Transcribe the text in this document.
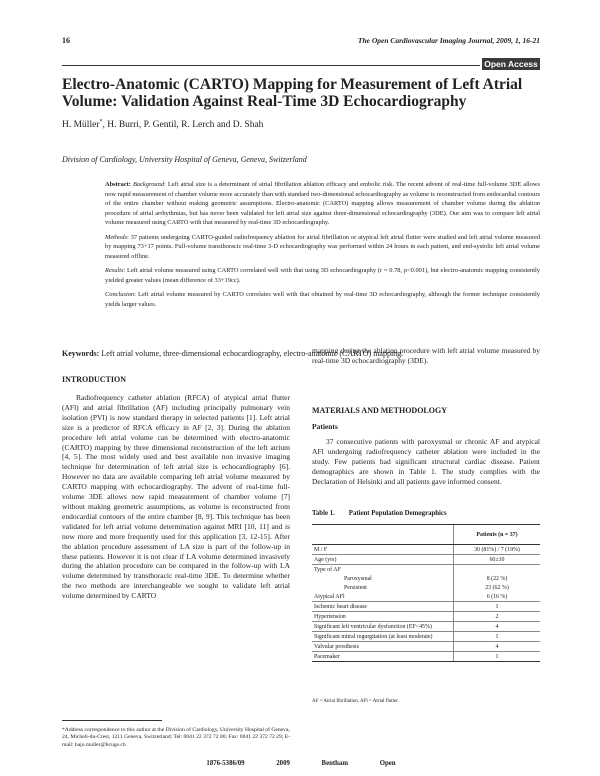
16	The Open Cardiovascular Imaging Journal, 2009, 1, 16-21
Open Access
Electro-Anatomic (CARTO) Mapping for Measurement of Left Atrial Volume: Validation Against Real-Time 3D Echocardiography
H. Müller*, H. Burri, P. Gentil, R. Lerch and D. Shah
Division of Cardiology, University Hospital of Geneva, Geneva, Switzerland

Abstract: Background: Left atrial size is a determinant of atrial fibrillation ablation efficacy and embolic risk. The recent advent of real-time full-volume 3DE allows now rapid measurement of chamber volume more accurately than with standard two-dimensional echocardiography as volume is reconstructed from endocardial contours of the entire chamber without making geometric assumptions. Electro-anatomic (CARTO) mapping allows measurement of chamber volume during the ablation procedure of atrial arrhythmias, but has never been validated for left atrial size against three-dimensional echocardiography (3DE). Our aim was to compare left atrial volume measured using CARTO with that measured by real-time 3D echocardiography.

Methods: 37 patients undergoing CARTO-guided radiofrequency ablation for atrial fibrillation or atypical left atrial flutter were studied and left atrial volume measured by mapping 73+17 points. Full-volume transthoracic real-time 3-D echocardiography was performed within 24 hours in each patient, and end-systolic left atrial volume measured offline.

Results: Left atrial volume measured using CARTO correlated well with that using 3D echocardiography (r = 0.78, p<0.001), but electro-anatomic mapping consistently yielded greater values (mean difference of 33+19cc).

Conclusion: Left atrial volume measured by CARTO correlates well with that obtained by real-time 3D echocardiography, although the former technique consistently yields larger values.

Keywords: Left atrial volume, three-dimensional echocardiography, electro-anatomic (CARTO) mapping.
INTRODUCTION

Radiofrequency catheter ablation (RFCA) of atypical atrial flutter (AFl) and atrial fibrillation (AF) including principally pulmonary vein isolation (PVI) is now standard therapy in selected patients [1]. Left atrial size is a predictor of RFCA efficacy in AF [2, 3]. During the ablation procedure left atrial volume can be determined with electro-anatomic (CARTO) mapping by three dimensional reconstruction of the left atrium [4, 5]. The most widely used and best available non invasive imaging technique for determination of left atrial size is echocardiography [6]. However no data are available comparing left atrial volume measured by CARTO mapping with echocardiography. The advent of real-time full-volume 3DE allows now rapid measurement of chamber volume [7] without making geometric assumptions, as volume is reconstructed from endocardial contours of the entire chamber [8, 9]. This technique has been validated for left atrial volume determination against MRI [10, 11] and is now more and more frequently used for this application [3, 12-15]. After the ablation procedure assessment of LA size is part of the follow-up in these patients. However it is not clear if LA volume determined invasively during the ablation procedure can be compared in the follow-up with LA volume determined by transthoracic real-time 3DE. To determine whether the two methods are interchangeable we sought to validate left atrial volume determined by CARTO

mapping during the ablation procedure with left atrial volume measured by real-time 3D echocardiography (3DE).

MATERIALS AND METHODOLOGY
Patients

37 consecutive patients with paroxysmal or chronic AF and atypical AFl undergoing radiofrequency catheter ablation were included in the study. Few patients had significant structural cardiac disease. Patient demographics are shown in Table 1. The study complies with the Declaration of Helsinki and all patients gave informed consent.

Table 1. Patient Population Demographics
	Patients (n = 37)
M / F	30 (81%) / 7 (19%)
Age (yrs)	60±10
Type of AF	
Paroxysmal	8 (22 %)
Persistent	23 (62 %)
Atypical AFl	6 (16 %)
Ischemic heart disease	1
Hypertension	2
Significant left ventricular dysfunction (EF<45%)	4
Significant mitral regurgitation (at least moderate)	1
Valvular prosthesis	4
Pacemaker	1
AF = Atrial fibrillation, AFl = Atrial flutter.
*Address correspondence to this author at the Division of Cardiology, University Hospital of Geneva, 24, Micheli-du-Crest, 1211 Geneva, Switzerland; Tel: 0041 22 372 72 00; Fax: 0041 22 372 72 29; E-mail: hajo.muller@hcuge.ch
1876-5386/09	2009 Bentham Open
